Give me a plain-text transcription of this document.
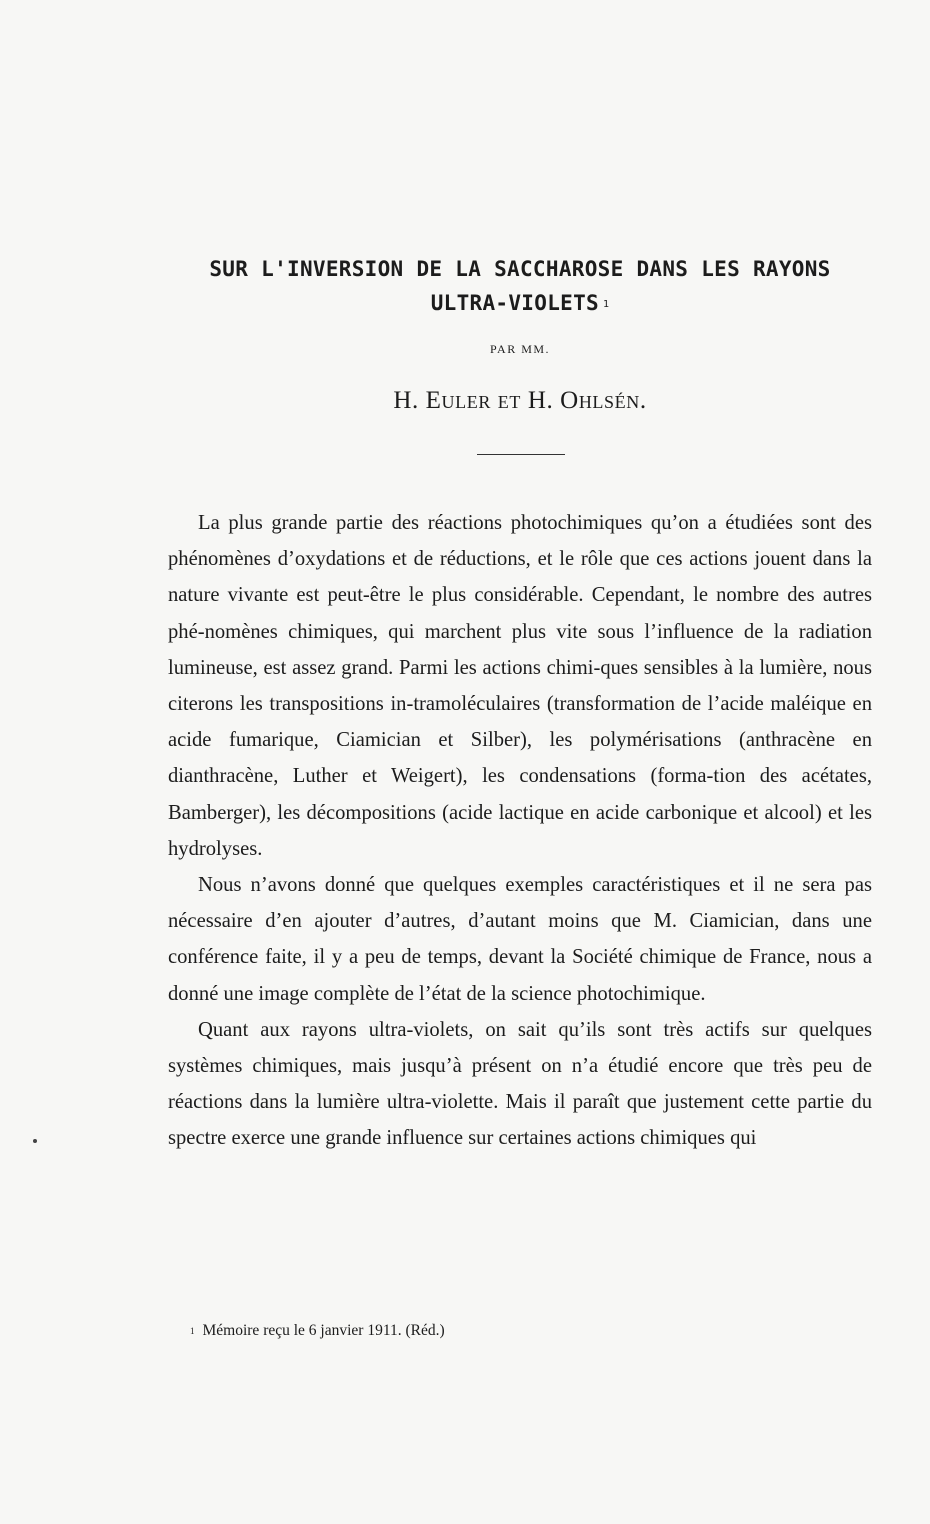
SUR L'INVERSION DE LA SACCHAROSE DANS LES RAYONS
ULTRA-VIOLETS $^1$
PAR MM.
H. Euler et H. Ohlsén.

La plus grande partie des réactions photochimiques qu’on a étudiées sont des phénomènes d’oxydations et de réductions, et le rôle que ces actions jouent dans la nature vivante est peut-être le plus considérable. Cependant, le nombre des autres phé-nomènes chimiques, qui marchent plus vite sous l’influence de la radiation lumineuse, est assez grand. Parmi les actions chimi-ques sensibles à la lumière, nous citerons les transpositions in-tramoléculaires (transformation de l’acide maléique en acide fumarique, Ciamician et Silber), les polymérisations (anthracène en dianthracène, Luther et Weigert), les condensations (forma-tion des acétates, Bamberger), les décompositions (acide lactique en acide carbonique et alcool) et les hydrolyses.

Nous n’avons donné que quelques exemples caractéristiques et il ne sera pas nécessaire d’en ajouter d’autres, d’autant moins que M. Ciamician, dans une conférence faite, il y a peu de temps, devant la Société chimique de France, nous a donné une image complète de l’état de la science photochimique.

Quant aux rayons ultra-violets, on sait qu’ils sont très actifs sur quelques systèmes chimiques, mais jusqu’à présent on n’a étudié encore que très peu de réactions dans la lumière ultra-violette. Mais il paraît que justement cette partie du spectre exerce une grande influence sur certaines actions chimiques qui

$^1$ Mémoire reçu le 6 janvier 1911. (Réd.)
